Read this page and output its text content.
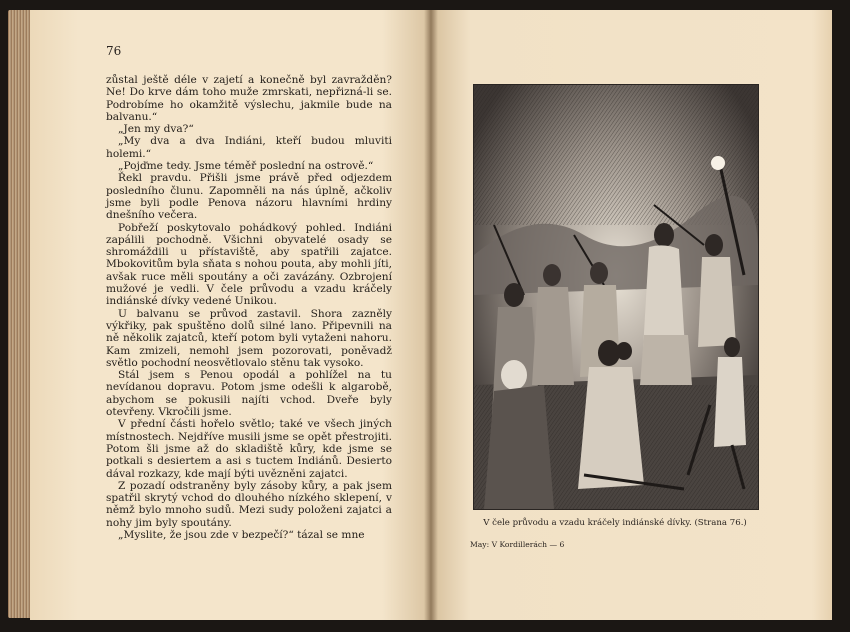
76

zůstal ještě déle v zajetí a konečně byl zavražděn? Ne! Do krve dám toho muže zmrskati, nepřizná-li se. Podrobíme ho okamžitě výslechu, jakmile bude na balvanu.“

„Jen my dva?“

„My dva a dva Indiáni, kteří budou mluviti holemi.“

„Pojďme tedy. Jsme téměř poslední na ostrově.“

Řekl pravdu. Přišli jsme právě před odjezdem posledního člunu. Zapomněli na nás úplně, ačkoliv jsme byli podle Penova názoru hlavními hrdiny dnešního večera.

Pobřeží poskytovalo pohádkový pohled. Indiáni zapálili pochodně. Všichni obyvatelé osady se shromáždili u přístaviště, aby spatřili zajatce. Mbokovitům byla sňata s nohou pouta, aby mohli jíti, avšak ruce měli spoutány a oči zavázány. Ozbrojení mužové je vedli. V čele průvodu a vzadu kráčely indiánské dívky vedené Unikou.

U balvanu se průvod zastavil. Shora zazněly výkřiky, pak spuštěno dolů silné lano. Připevnili na ně několik zajatců, kteří potom byli vytaženi nahoru. Kam zmizeli, nemohl jsem pozorovati, poněvadž světlo pochodní neosvětlovalo stěnu tak vysoko.

Stál jsem s Penou opodál a pohlížel na tu nevídanou dopravu. Potom jsme odešli k algarobě, abychom se pokusili najíti vchod. Dveře byly otevřeny. Vkročili jsme.

V přední části hořelo světlo; také ve všech jiných místnostech. Nejdříve musili jsme se opět přestrojiti. Potom šli jsme až do skladiště kůry, kde jsme se potkali s desiertem a asi s tuctem Indiánů. Desierto dával rozkazy, kde mají býti uvězněni zajatci.

Z pozadí odstraněny byly zásoby kůry, a pak jsem spatřil skrytý vchod do dlouhého nízkého sklepení, v němž bylo mnoho sudů. Mezi sudy položeni zajatci a nohy jim byly spoutány.

„Myslite, že jsou zde v bezpečí?“ tázal se mne

V čele průvodu a vzadu kráčely indiánské dívky. (Strana 76.)
May: V Kordillerách — 6
